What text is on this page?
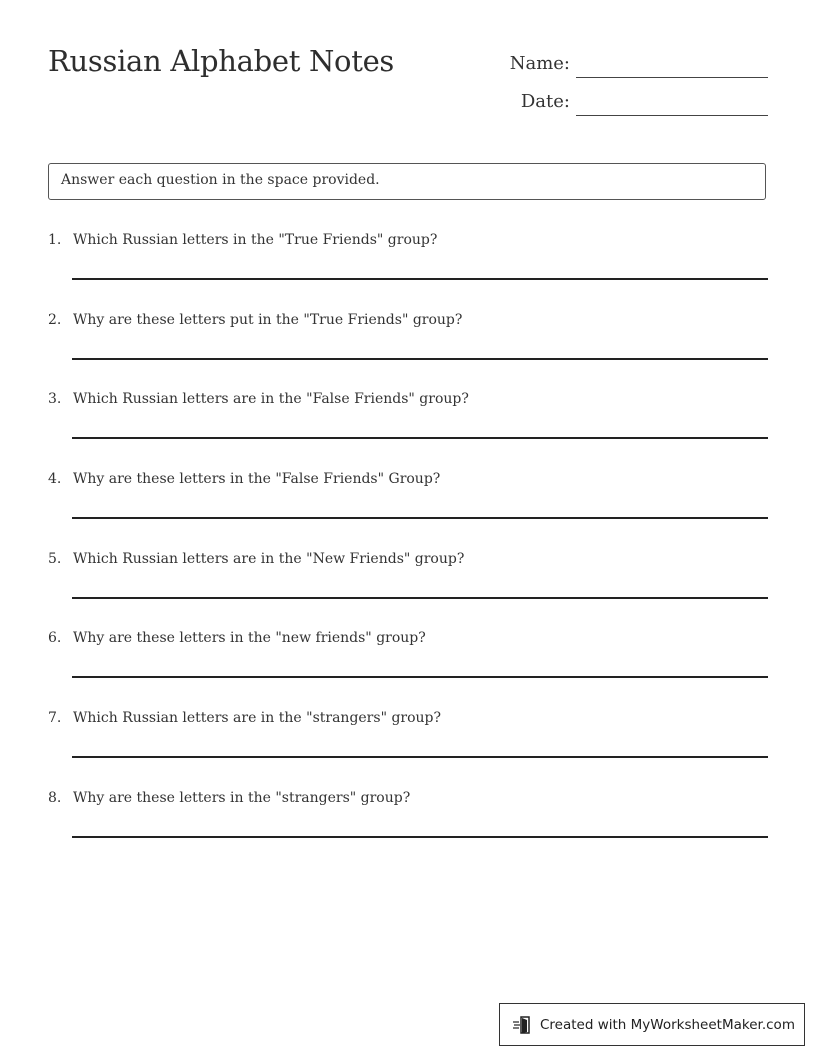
Russian Alphabet Notes	Name:
Date:
Answer each question in the space provided.
1. Which Russian letters in the "True Friends" group?
2. Why are these letters put in the "True Friends" group?
3. Which Russian letters are in the "False Friends" group?
4. Why are these letters in the "False Friends" Group?
5. Which Russian letters are in the "New Friends" group?
6. Why are these letters in the "new friends" group?
7. Which Russian letters are in the "strangers" group?
8. Why are these letters in the "strangers" group?
Created with MyWorksheetMaker.com
